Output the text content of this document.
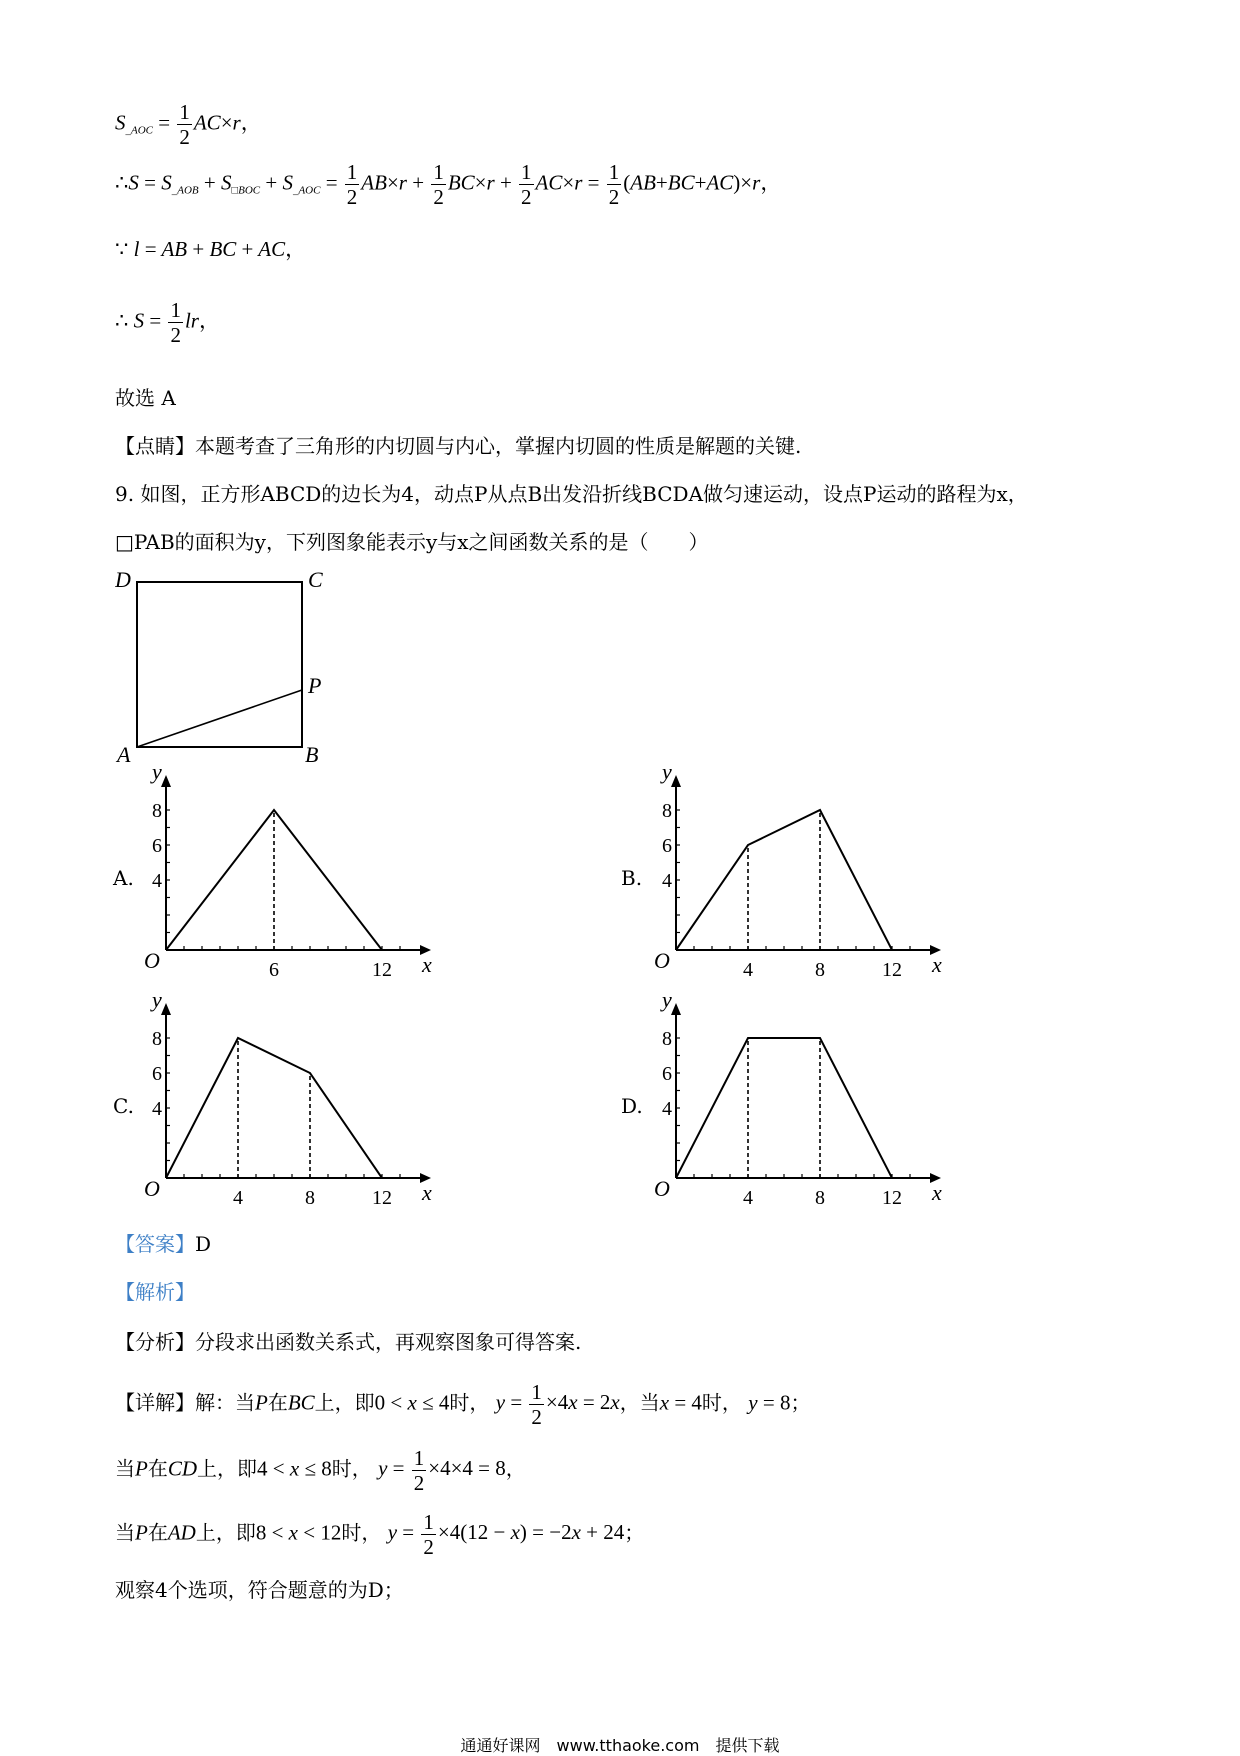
$S_{\_AOC} = \frac{1}{2} AC\times r$，
∴S = $S_{\_AOB} + S_{□BOC} + S_{\_AOC} = \frac{1}{2} AB\times r + \frac{1}{2} BC\times r + \frac{1}{2} AC\times r = \frac{1}{2} (AB+BC+AC)\times r$，
∵ l = AB + BC + AC，
∴ $S = \frac{1}{2}$ lr，
故选 A
【点睛】本题考查了三角形的内切圆与内心，掌握内切圆的性质是解题的关键.
9. 如图，正方形ABCD的边长为4，动点P从点B出发沿折线BCDA做匀速运动，设点P运动的路程为x，
□PAB的面积为y，下列图象能表示y与x之间函数关系的是（　　）
D	C
P
A	B
A.
6	12
8
6
4
O	x
y
B.
4	8	12
8
6
4
O	x
y
C.
4	8	12
8
6
4
O	x
y
D.
4	8	12
8
6
4
O	x
y
【答案】D
【解析】
【分析】分段求出函数关系式，再观察图象可得答案.
【详解】解：当P在BC上，即0 < x ≤ 4时， $y = \frac{1}{2} \times 4x = 2x$，当x = 4时， y = 8；
当P在CD上，即4 < x ≤ 8时， $y = \frac{1}{2} \times 4\times 4 = 8$，
当P在AD上，即8 < x < 12时， $y = \frac{1}{2} \times 4(12 - x) = -2x + 24$；
观察4个选项，符合题意的为D；
通通好课网　www.tthaoke.com　提供下载
